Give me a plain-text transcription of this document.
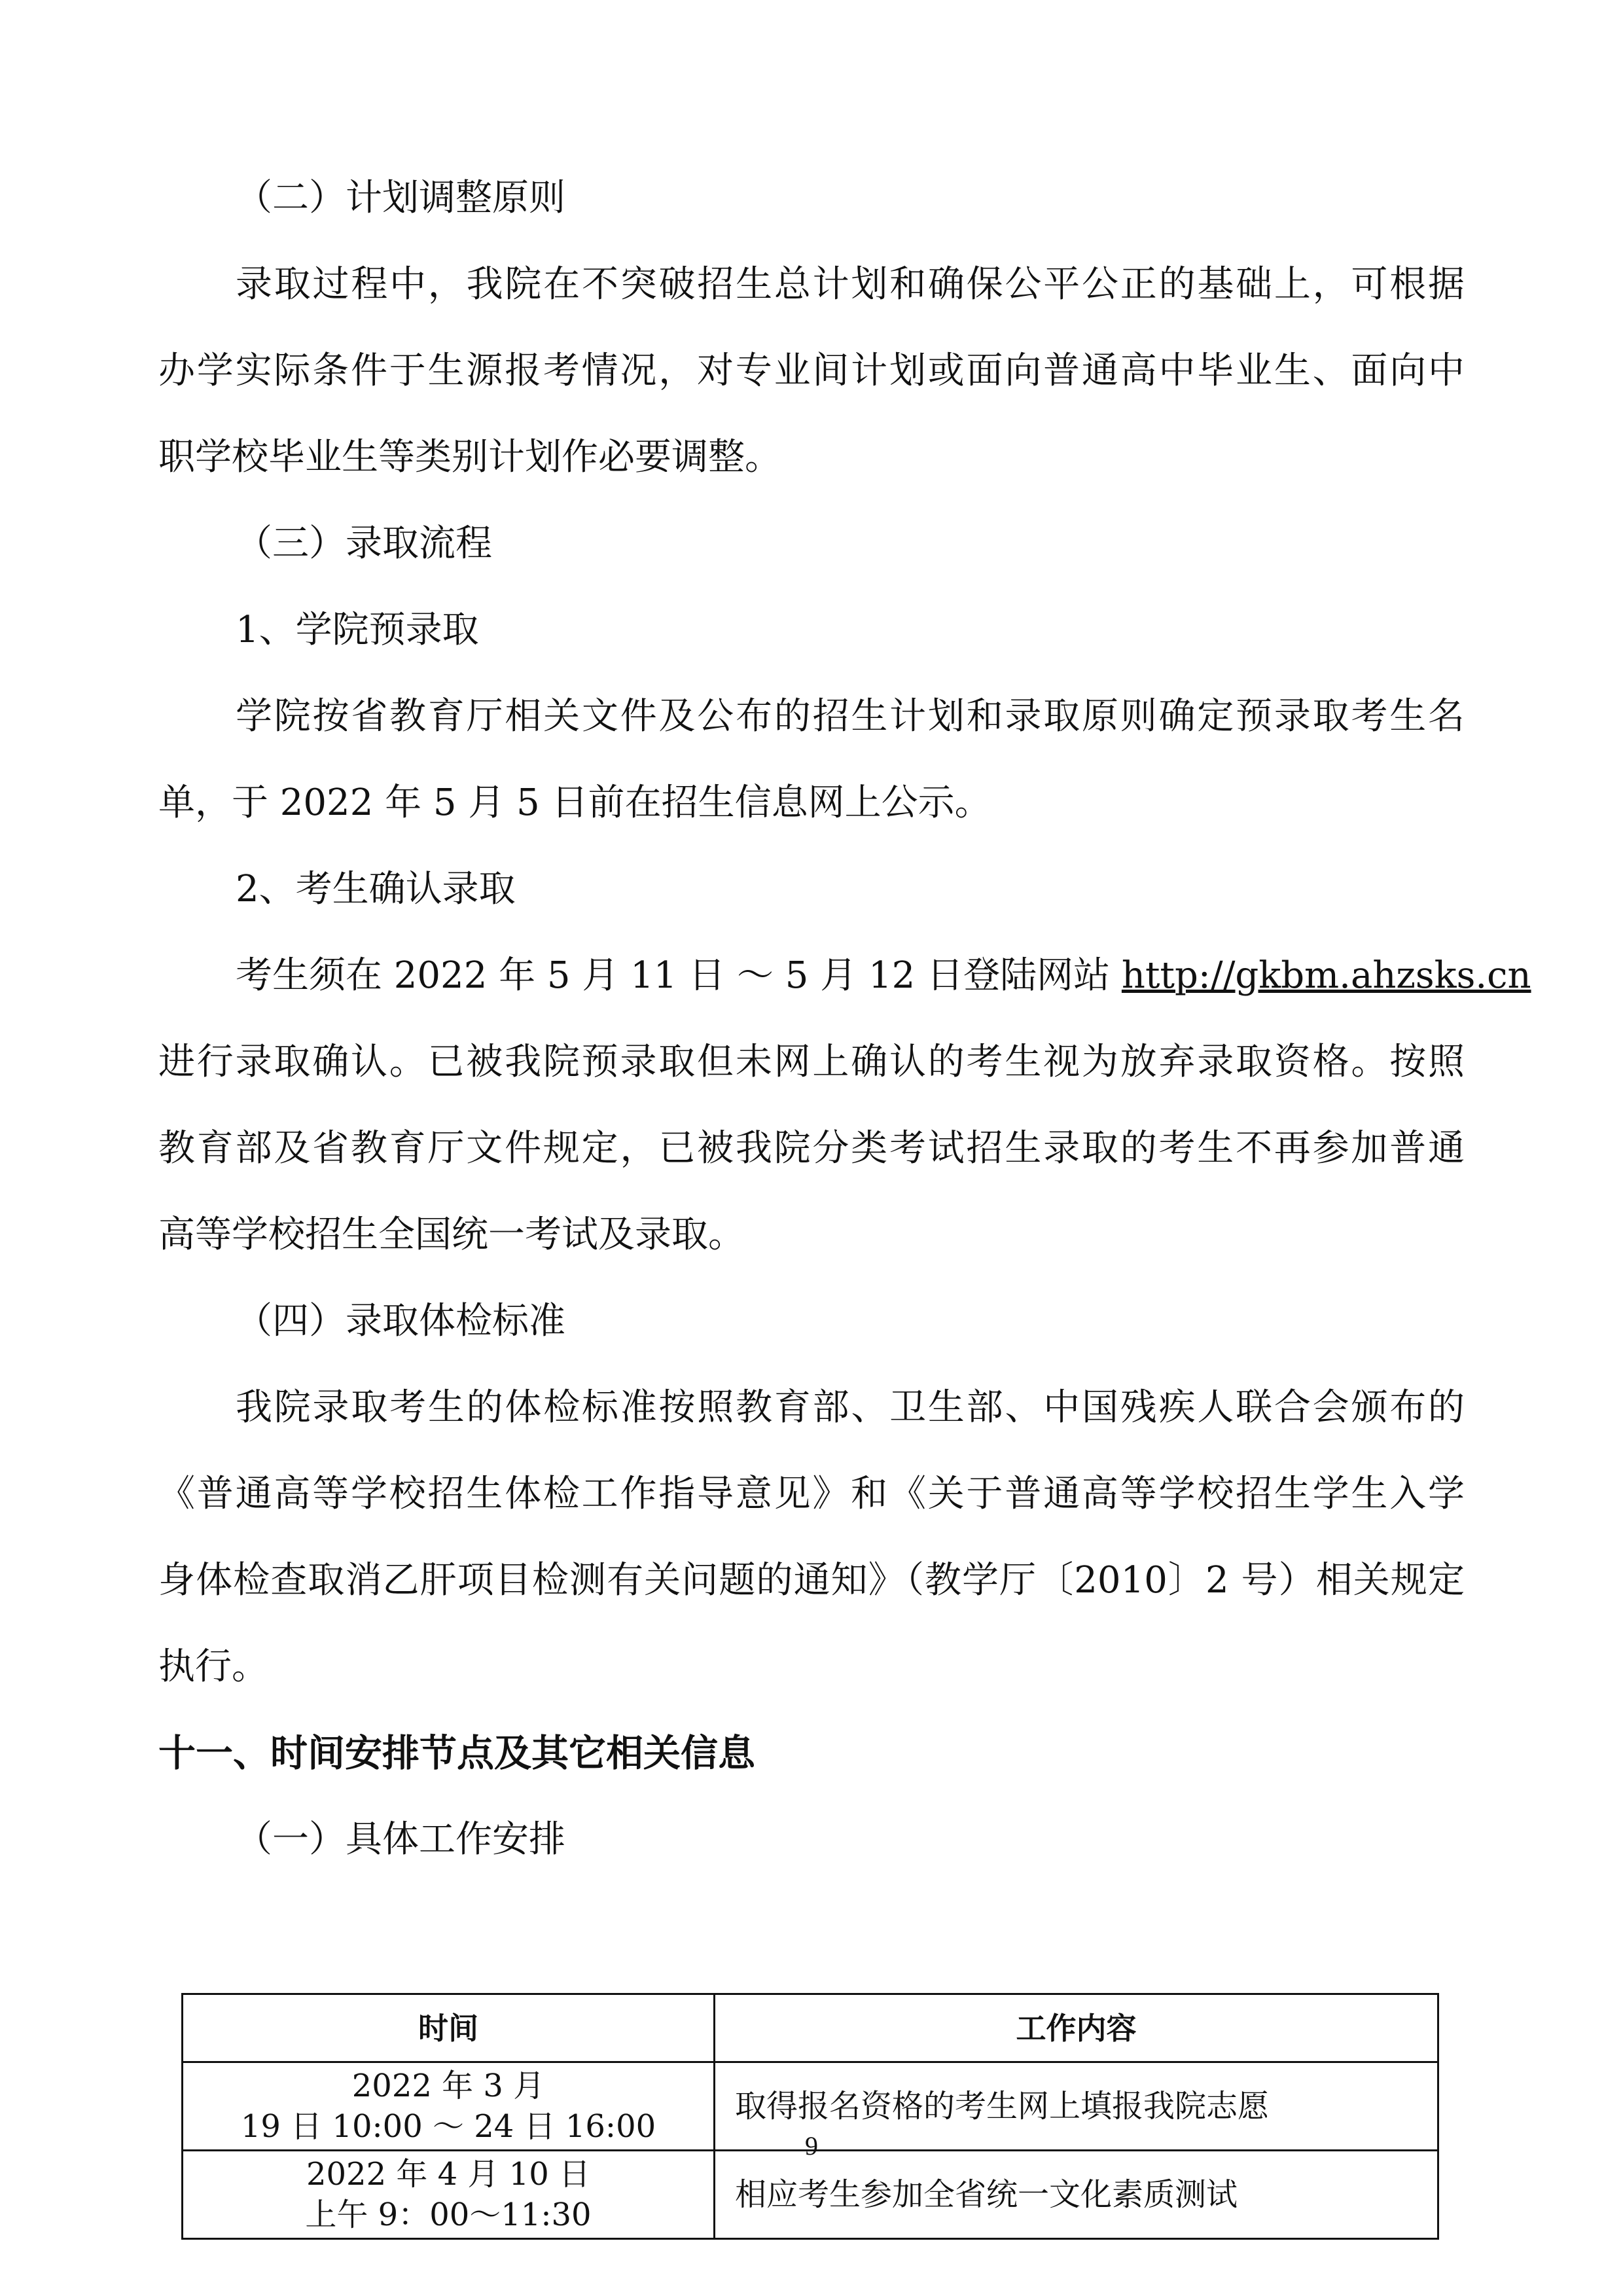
（二）计划调整原则
录取过程中，我院在不突破招生总计划和确保公平公正的基础上，可根据
办学实际条件于生源报考情况，对专业间计划或面向普通高中毕业生、面向中
职学校毕业生等类别计划作必要调整。
（三）录取流程
1、学院预录取
学院按省教育厅相关文件及公布的招生计划和录取原则确定预录取考生名
单，于 2022 年 5 月 5 日前在招生信息网上公示。
2、考生确认录取
考生须在 2022 年 5 月 11 日 ～ 5 月 12 日登陆网站 http://gkbm.ahzsks.cn
进行录取确认。已被我院预录取但未网上确认的考生视为放弃录取资格。按照
教育部及省教育厅文件规定，已被我院分类考试招生录取的考生不再参加普通
高等学校招生全国统一考试及录取。
（四）录取体检标准
我院录取考生的体检标准按照教育部、卫生部、中国残疾人联合会颁布的
《普通高等学校招生体检工作指导意见》和《关于普通高等学校招生学生入学
身体检查取消乙肝项目检测有关问题的通知》（教学厅〔2010〕2 号）相关规定
执行。
十一、时间安排节点及其它相关信息
（一）具体工作安排
时间	工作内容

2022 年 3 月
19 日 10:00 ～ 24 日 16:00	取得报名资格的考生网上填报我院志愿

2022 年 4 月 10 日
上午 9：00～11:30	相应考生参加全省统一文化素质测试
9
